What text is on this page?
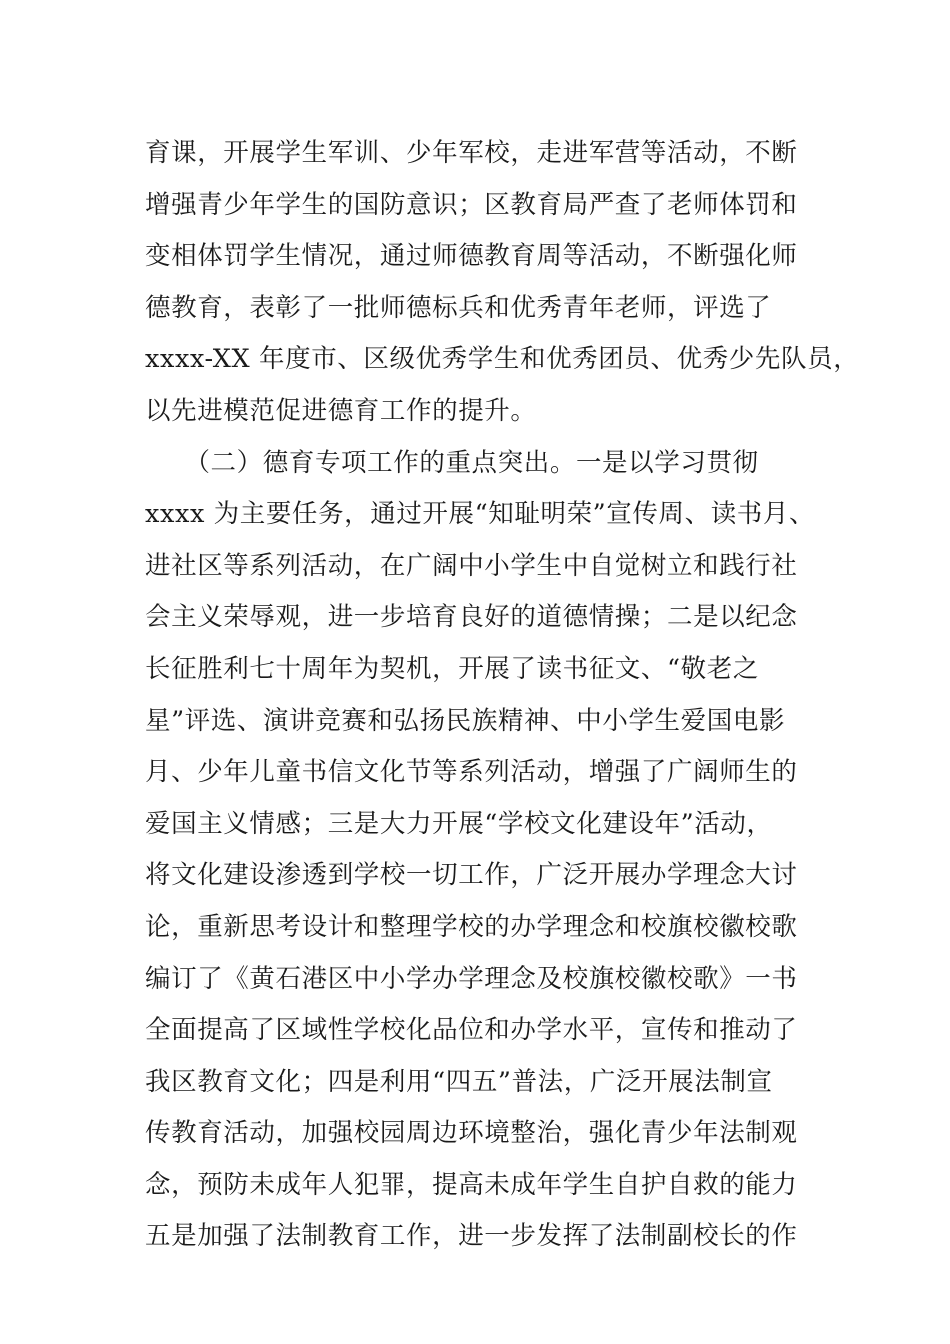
育课，开展学生军训、少年军校，走进军营等活动，不断
增强青少年学生的国防意识；区教育局严查了老师体罚和
变相体罚学生情况，通过师德教育周等活动，不断强化师
德教育，表彰了一批师德标兵和优秀青年老师，评选了
xxxx-XX 年度市、区级优秀学生和优秀团员、优秀少先队员，
以先进模范促进德育工作的提升。
　　（二）德育专项工作的重点突出。一是以学习贯彻
xxxx 为主要任务，通过开展“知耻明荣”宣传周、读书月、
进社区等系列活动，在广阔中小学生中自觉树立和践行社
会主义荣辱观，进一步培育良好的道德情操；二是以纪念
长征胜利七十周年为契机，开展了读书征文、“敬老之
星”评选、演讲竞赛和弘扬民族精神、中小学生爱国电影
月、少年儿童书信文化节等系列活动，增强了广阔师生的
爱国主义情感；三是大力开展“学校文化建设年”活动，
将文化建设渗透到学校一切工作，广泛开展办学理念大讨
论，重新思考设计和整理学校的办学理念和校旗校徽校歌
编订了《黄石港区中小学办学理念及校旗校徽校歌》一书
全面提高了区域性学校化品位和办学水平，宣传和推动了
我区教育文化；四是利用“四五”普法，广泛开展法制宣
传教育活动，加强校园周边环境整治，强化青少年法制观
念，预防未成年人犯罪，提高未成年学生自护自救的能力
五是加强了法制教育工作，进一步发挥了法制副校长的作
